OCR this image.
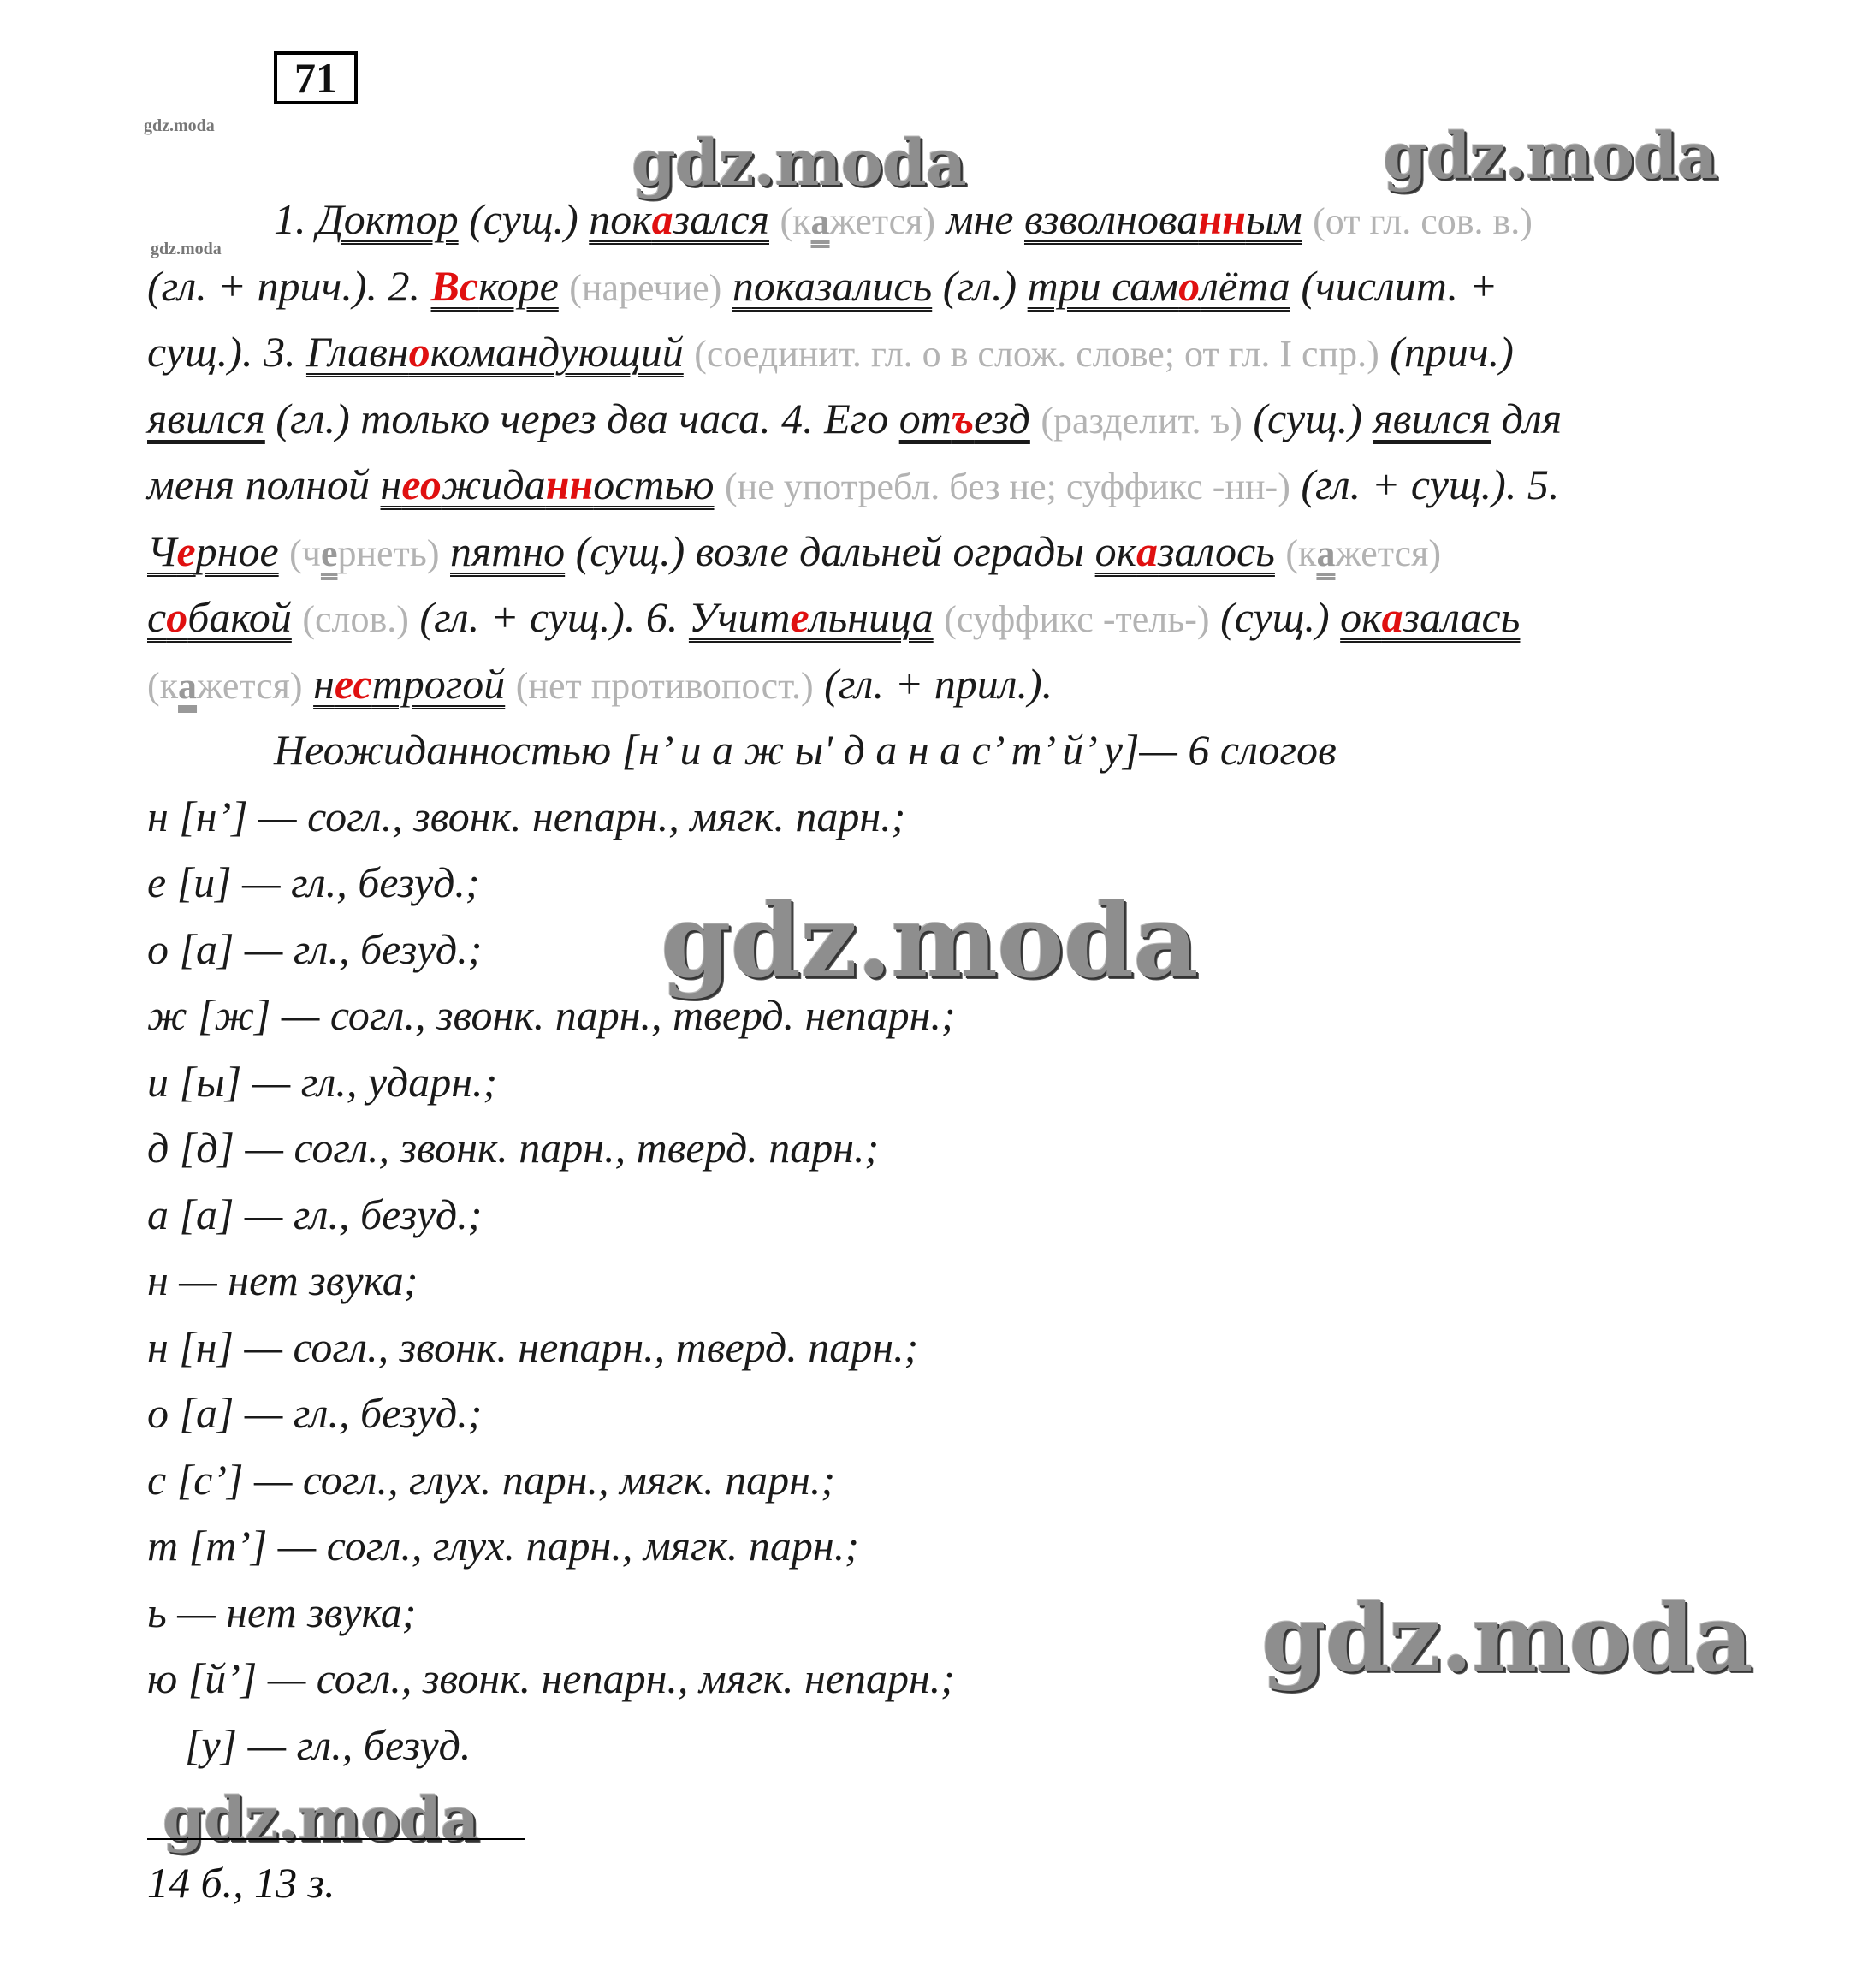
71
gdz.moda
gdz.moda
gdz.moda	gdz.moda
gdz.moda
gdz.moda
gdz.moda
1. Доктор (сущ.) показался (кажется) мне взволнованным (от гл. сов. в.)
(гл. + прич.). 2. Вскоре (наречие) показались (гл.) три самолёта (числит. +
сущ.). 3. Главнокомандующий (соединит. гл. о в слож. слове; от гл. I спр.) (прич.)
явился (гл.) только через два часа. 4. Его отъезд (разделит. ъ) (сущ.) явился для
меня полной неожиданностью (не употребл. без не; суффикс -нн-) (гл. + сущ.). 5.
Черное (чернеть) пятно (сущ.) возле дальней ограды оказалось (кажется)
собакой (слов.) (гл. + сущ.). 6. Учительница (суффикс -тель-) (сущ.) оказалась
(кажется) нестрогой (нет противопост.) (гл. + прил.).
Неожиданностью [н’ и а ж ы' д а н а с’ т’ й’ у]— 6 слогов
н [н’] — согл., звонк. непарн., мягк. парн.;
е [и] — гл., безуд.;
о [а] — гл., безуд.;
ж [ж] — согл., звонк. парн., тверд. непарн.;
и [ы] — гл., ударн.;
д [д] — согл., звонк. парн., тверд. парн.;
а [а] — гл., безуд.;
н — нет звука;
н [н] — согл., звонк. непарн., тверд. парн.;
о [а] — гл., безуд.;
с [с’] — согл., глух. парн., мягк. парн.;
т [т’] — согл., глух. парн., мягк. парн.;
ь — нет звука;
ю [й’] — согл., звонк. непарн., мягк. непарн.;
[у] — гл., безуд.
14 б., 13 з.
